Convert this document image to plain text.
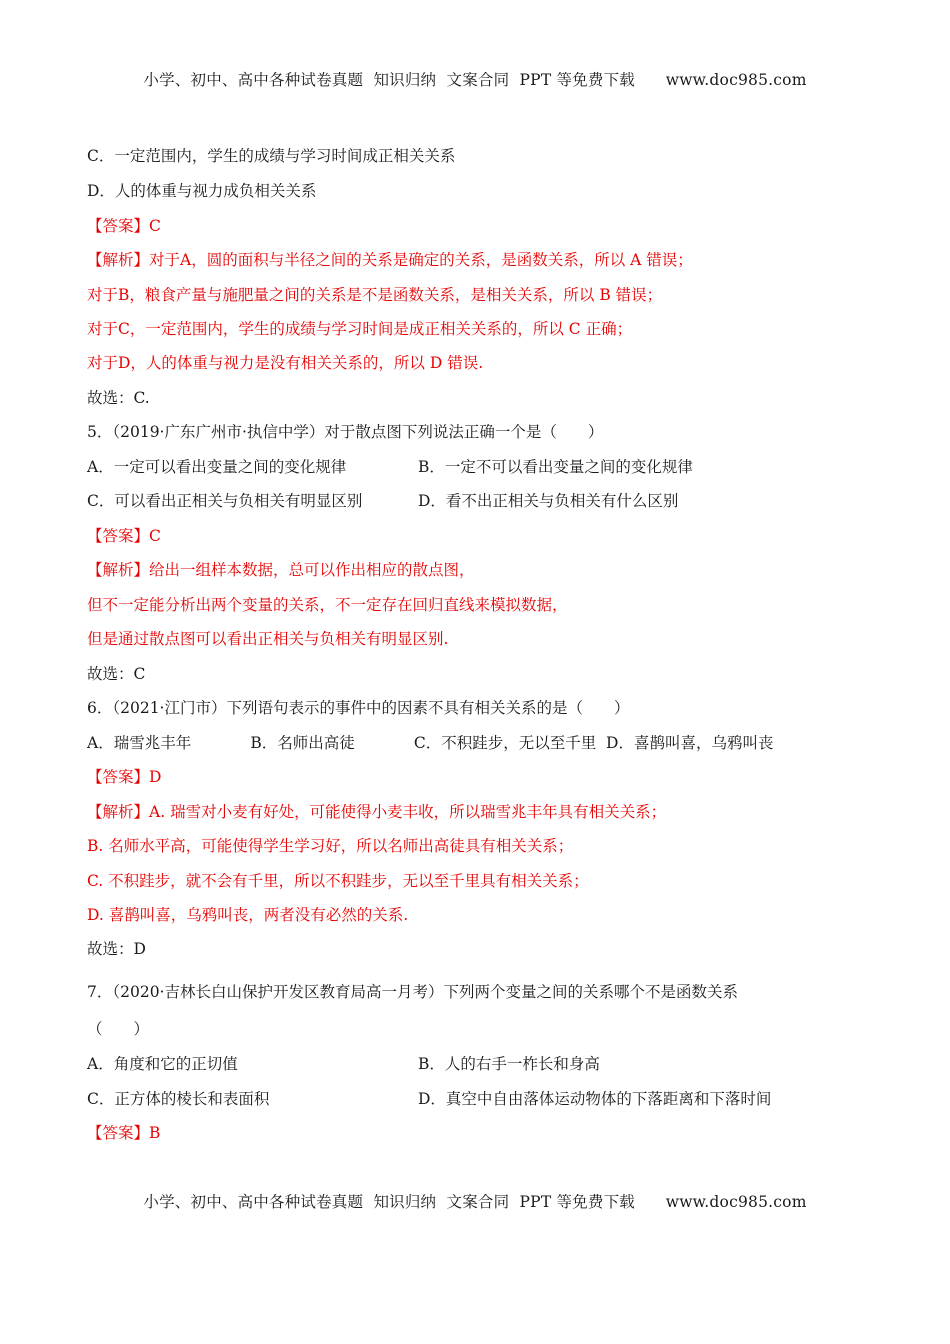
小学、初中、高中各种试卷真题  知识归纳  文案合同  PPT 等免费下载      www.doc985.com
C．一定范围内，学生的成绩与学习时间成正相关关系
D．人的体重与视力成负相关关系
【答案】C
【解析】对于A，圆的面积与半径之间的关系是确定的关系，是函数关系，所以 A 错误；
对于B，粮食产量与施肥量之间的关系是不是函数关系，是相关关系，所以 B 错误；
对于C，一定范围内，学生的成绩与学习时间是成正相关关系的，所以 C 正确；
对于D，人的体重与视力是没有相关关系的，所以 D 错误.
故选：C.
5．（2019·广东广州市·执信中学）对于散点图下列说法正确一个是（　　）
A．一定可以看出变量之间的变化规律	B．一定不可以看出变量之间的变化规律
C．可以看出正相关与负相关有明显区别	D．看不出正相关与负相关有什么区别
【答案】C
【解析】给出一组样本数据，总可以作出相应的散点图，
但不一定能分析出两个变量的关系，不一定存在回归直线来模拟数据，
但是通过散点图可以看出正相关与负相关有明显区别.
故选：C
6．（2021·江门市）下列语句表示的事件中的因素不具有相关关系的是（　　）
A．瑞雪兆丰年            B．名师出高徒            C．不积跬步，无以至千里  D．喜鹊叫喜，乌鸦叫丧
【答案】D
【解析】A. 瑞雪对小麦有好处，可能使得小麦丰收，所以瑞雪兆丰年具有相关关系；
B. 名师水平高，可能使得学生学习好，所以名师出高徒具有相关关系；
C. 不积跬步，就不会有千里，所以不积跬步，无以至千里具有相关关系；
D. 喜鹊叫喜，乌鸦叫丧，两者没有必然的关系.
故选：D
7．（2020·吉林长白山保护开发区教育局高一月考）下列两个变量之间的关系哪个不是函数关系
（　　）
A．角度和它的正切值	B．人的右手一柞长和身高
C．正方体的棱长和表面积	D．真空中自由落体运动物体的下落距离和下落时间
【答案】B
小学、初中、高中各种试卷真题  知识归纳  文案合同  PPT 等免费下载      www.doc985.com
